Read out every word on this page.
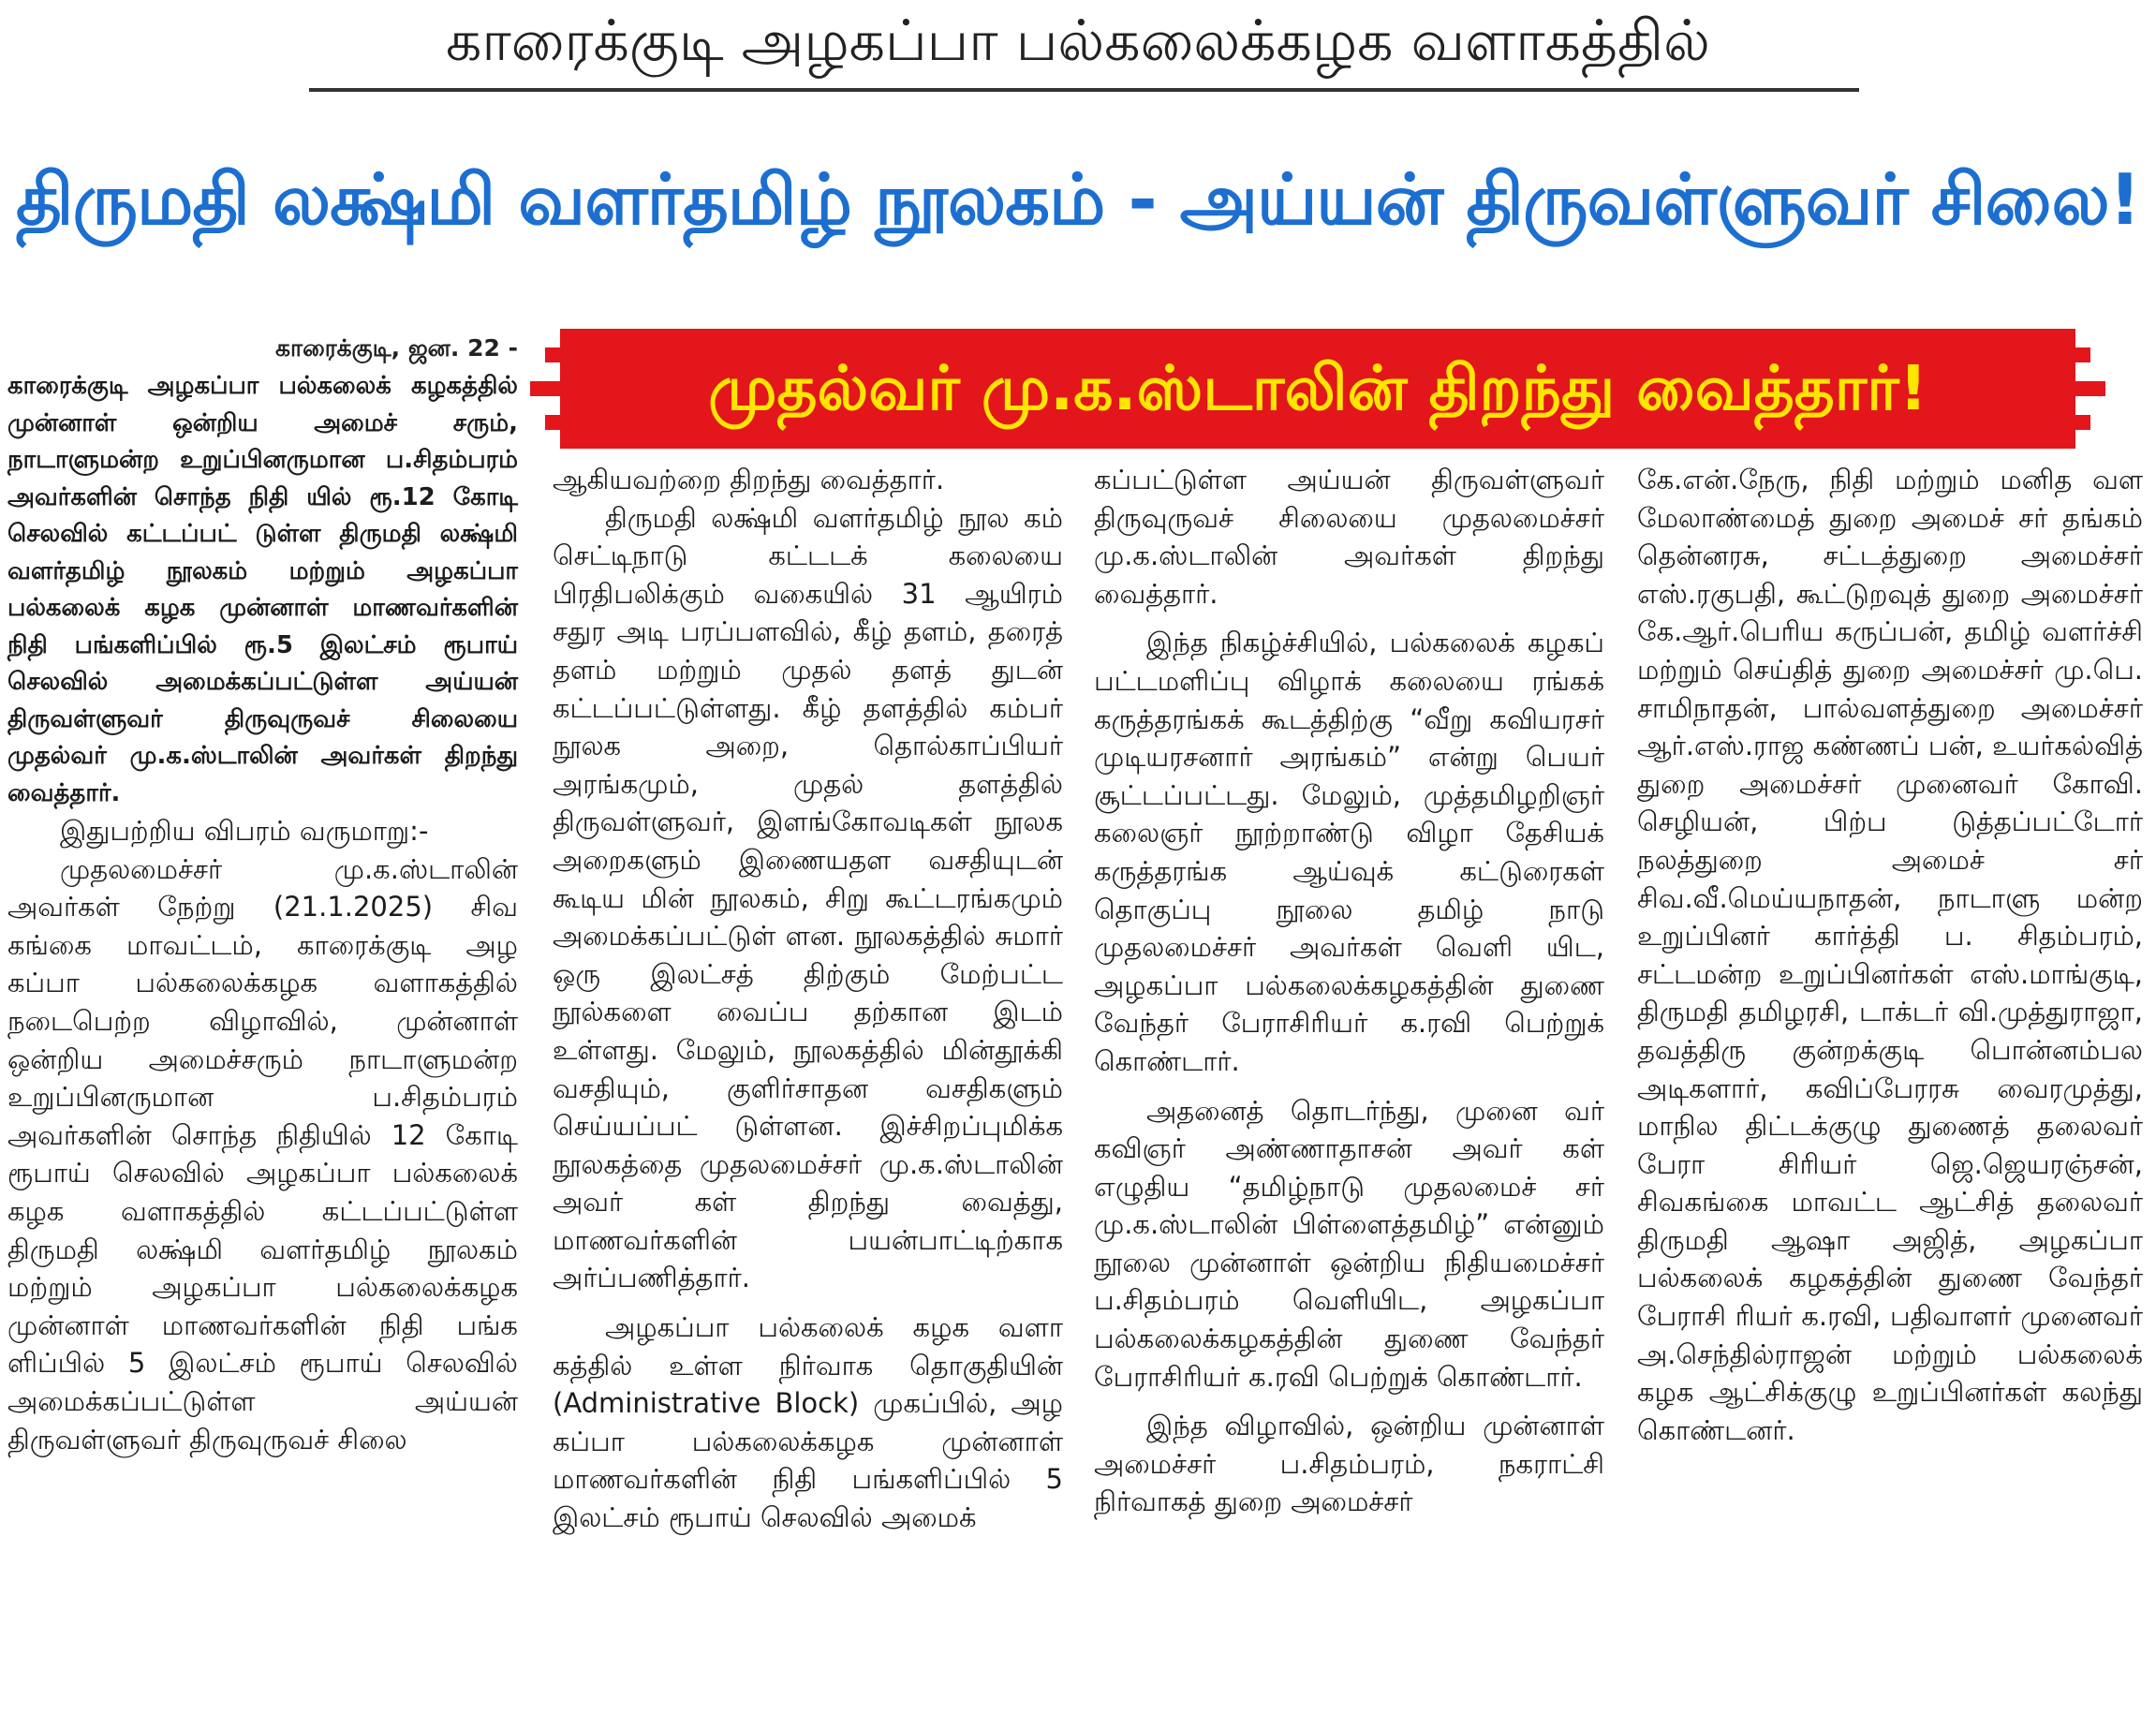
காரைக்குடி அழகப்பா பல்கலைக்கழக வளாகத்தில்
திருமதி லக்ஷ்மி வளர்தமிழ் நூலகம் - அய்யன் திருவள்ளுவர் சிலை!
காரைக்குடி, ஜன. 22 -
முதல்வர் மு.க.ஸ்டாலின் திறந்து வைத்தார்!

காரைக்குடி அழகப்பா பல்கலைக் கழகத்தில் முன்னாள் ஒன்றிய அமைச் சரும், நாடாளுமன்ற உறுப்பினருமான ப.சிதம்பரம் அவர்களின் சொந்த நிதி யில் ரூ.12 கோடி செலவில் கட்டப்பட் டுள்ள திருமதி லக்ஷ்மி வளர்தமிழ் நூலகம் மற்றும் அழகப்பா பல்கலைக் கழக முன்னாள் மாணவர்களின் நிதி பங்களிப்பில் ரூ.5 இலட்சம் ரூபாய் செலவில் அமைக்கப்பட்டுள்ள அய்யன் திருவள்ளுவர் திருவுருவச் சிலையை முதல்வர் மு.க.ஸ்டாலின் அவர்கள் திறந்து வைத்தார்.

இதுபற்றிய விபரம் வருமாறு:-

முதலமைச்சர் மு.க.ஸ்டாலின் அவர்கள் நேற்று (21.1.2025) சிவ கங்கை மாவட்டம், காரைக்குடி அழ கப்பா பல்கலைக்கழக வளாகத்தில் நடைபெற்ற விழாவில், முன்னாள் ஒன்றிய அமைச்சரும் நாடாளுமன்ற உறுப்பினருமான ப.சிதம்பரம் அவர்களின் சொந்த நிதியில் 12 கோடி ரூபாய் செலவில் அழகப்பா பல்கலைக் கழக வளாகத்தில் கட்டப்பட்டுள்ள திருமதி லக்ஷ்மி வளர்தமிழ் நூலகம் மற்றும் அழகப்பா பல்கலைக்கழக முன்னாள் மாணவர்களின் நிதி பங்க ளிப்பில் 5 இலட்சம் ரூபாய் செலவில் அமைக்கப்பட்டுள்ள அய்யன் திருவள்ளுவர் திருவுருவச் சிலை

ஆகியவற்றை திறந்து வைத்தார்.

திருமதி லக்ஷ்மி வளர்தமிழ் நூல கம் செட்டிநாடு கட்டடக் கலையை பிரதிபலிக்கும் வகையில் 31 ஆயிரம் சதுர அடி பரப்பளவில், கீழ் தளம், தரைத் தளம் மற்றும் முதல் தளத் துடன் கட்டப்பட்டுள்ளது. கீழ் தளத்தில் கம்பர் நூலக அறை, தொல்காப்பியர் அரங்கமும், முதல் தளத்தில் திருவள்ளுவர், இளங்கோவடிகள் நூலக அறைகளும் இணையதள வசதியுடன் கூடிய மின் நூலகம், சிறு கூட்டரங்கமும் அமைக்கப்பட்டுள் ளன. நூலகத்தில் சுமார் ஒரு இலட்சத் திற்கும் மேற்பட்ட நூல்களை வைப்ப தற்கான இடம் உள்ளது. மேலும், நூலகத்தில் மின்தூக்கி வசதியும், குளிர்சாதன வசதிகளும் செய்யப்பட் டுள்ளன. இச்சிறப்புமிக்க நூலகத்தை முதலமைச்சர் மு.க.ஸ்டாலின் அவர் கள் திறந்து வைத்து, மாணவர்களின் பயன்பாட்டிற்காக அர்ப்பணித்தார்.

அழகப்பா பல்கலைக் கழக வளா கத்தில் உள்ள நிர்வாக தொகுதியின் (Administrative Block) முகப்பில், அழ கப்பா பல்கலைக்கழக முன்னாள் மாணவர்களின் நிதி பங்களிப்பில் 5 இலட்சம் ரூபாய் செலவில் அமைக்

கப்பட்டுள்ள அய்யன் திருவள்ளுவர் திருவுருவச் சிலையை முதலமைச்சர் மு.க.ஸ்டாலின் அவர்கள் திறந்து வைத்தார்.

இந்த நிகழ்ச்சியில், பல்கலைக் கழகப் பட்டமளிப்பு விழாக் கலையை ரங்கக் கருத்தரங்கக் கூடத்திற்கு “வீறு கவியரசர் முடியரசனார் அரங்கம்” என்று பெயர் சூட்டப்பட்டது. மேலும், முத்தமிழறிஞர் கலைஞர் நூற்றாண்டு விழா தேசியக் கருத்தரங்க ஆய்வுக் கட்டுரைகள் தொகுப்பு நூலை தமிழ் நாடு முதலமைச்சர் அவர்கள் வெளி யிட, அழகப்பா பல்கலைக்கழகத்தின் துணை வேந்தர் பேராசிரியர் க.ரவி பெற்றுக் கொண்டார்.

அதனைத் தொடர்ந்து, முனை வர் கவிஞர் அண்ணாதாசன் அவர் கள் எழுதிய “தமிழ்நாடு முதலமைச் சர் மு.க.ஸ்டாலின் பிள்ளைத்தமிழ்” என்னும் நூலை முன்னாள் ஒன்றிய நிதியமைச்சர் ப.சிதம்பரம் வெளியிட, அழகப்பா பல்கலைக்கழகத்தின் துணை வேந்தர் பேராசிரியர் க.ரவி பெற்றுக் கொண்டார்.

இந்த விழாவில், ஒன்றிய முன்னாள் அமைச்சர் ப.சிதம்பரம், நகராட்சி நிர்வாகத் துறை அமைச்சர்

கே.என்.நேரு, நிதி மற்றும் மனித வள மேலாண்மைத் துறை அமைச் சர் தங்கம் தென்னரசு, சட்டத்துறை அமைச்சர் எஸ்.ரகுபதி, கூட்டுறவுத் துறை அமைச்சர் கே.ஆர்.பெரிய கருப்பன், தமிழ் வளர்ச்சி மற்றும் செய்தித் துறை அமைச்சர் மு.பெ. சாமிநாதன், பால்வளத்துறை அமைச்சர் ஆர்.எஸ்.ராஜ கண்ணப் பன், உயர்கல்வித் துறை அமைச்சர் முனைவர் கோவி. செழியன், பிற்ப டுத்தப்பட்டோர் நலத்துறை அமைச் சர் சிவ.வீ.மெய்யநாதன், நாடாளு மன்ற உறுப்பினர் கார்த்தி ப. சிதம்பரம், சட்டமன்ற உறுப்பினர்கள் எஸ்.மாங்குடி, திருமதி தமிழரசி, டாக்டர் வி.முத்துராஜா, தவத்திரு குன்றக்குடி பொன்னம்பல அடிகளார், கவிப்பேரரசு வைரமுத்து, மாநில திட்டக்குழு துணைத் தலைவர் பேரா சிரியர் ஜெ.ஜெயரஞ்சன், சிவகங்கை மாவட்ட ஆட்சித் தலைவர் திருமதி ஆஷா அஜித், அழகப்பா பல்கலைக் கழகத்தின் துணை வேந்தர் பேராசி ரியர் க.ரவி, பதிவாளர் முனைவர் அ.செந்தில்ராஜன் மற்றும் பல்கலைக் கழக ஆட்சிக்குழு உறுப்பினர்கள் கலந்து கொண்டனர்.
